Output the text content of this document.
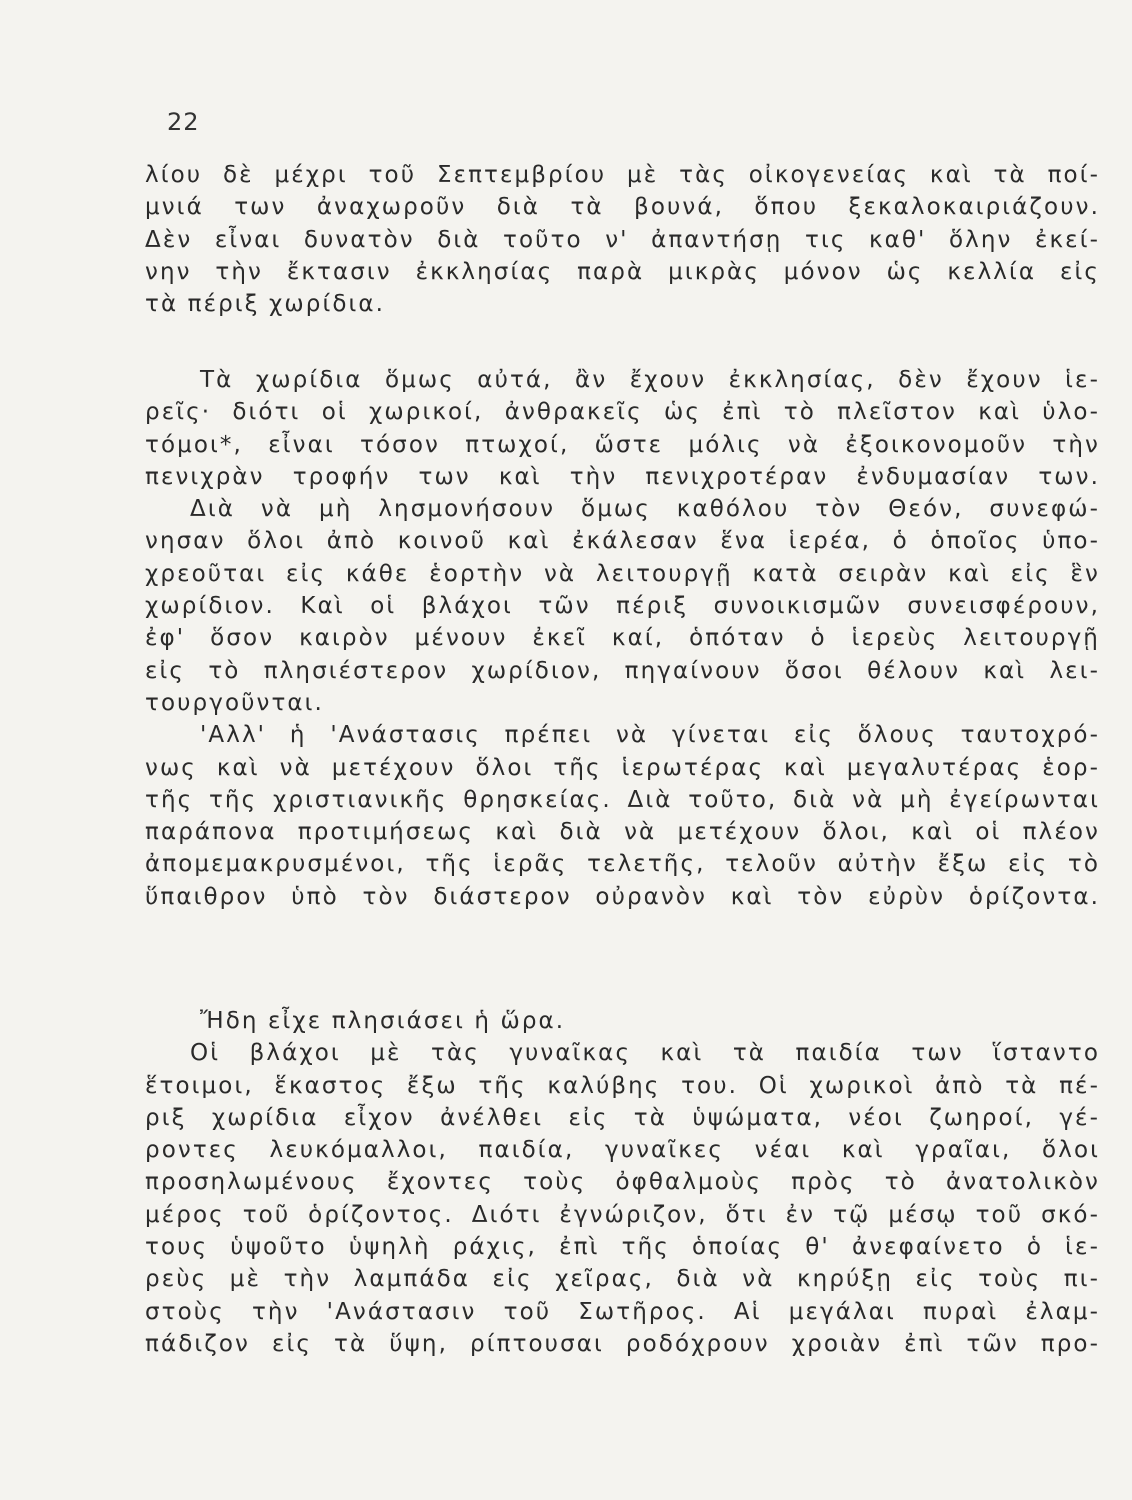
22
λίου δὲ μέχρι τοῦ Σεπτεμβρίου μὲ τὰς οἰκογενείας καὶ τὰ ποί-
μνιά των ἀναχωροῦν διὰ τὰ βουνά, ὅπου ξεκαλοκαιριάζουν.
Δὲν εἶναι δυνατὸν διὰ τοῦτο ν' ἀπαντήσῃ τις καθ' ὅλην ἐκεί-
νην τὴν ἔκτασιν ἐκκλησίας παρὰ μικρὰς μόνον ὡς κελλία εἰς
τὰ πέριξ χωρίδια.
Τὰ χωρίδια ὅμως αὐτά, ἂν ἔχουν ἐκκλησίας, δὲν ἔχουν ἱε-
ρεῖς· διότι οἱ χωρικοί, ἀνθρακεῖς ὡς ἐπὶ τὸ πλεῖστον καὶ ὑλο-
τόμοι*, εἶναι τόσον πτωχοί, ὥστε μόλις νὰ ἐξοικονομοῦν τὴν
πενιχρὰν τροφήν των καὶ τὴν πενιχροτέραν ἐνδυμασίαν των.
Διὰ νὰ μὴ λησμονήσουν ὅμως καθόλου τὸν Θεόν, συνεφώ-
νησαν ὅλοι ἀπὸ κοινοῦ καὶ ἐκάλεσαν ἕνα ἱερέα, ὁ ὁποῖος ὑπο-
χρεοῦται εἰς κάθε ἑορτὴν νὰ λειτουργῇ κατὰ σειρὰν καὶ εἰς ἓν
χωρίδιον. Καὶ οἱ βλάχοι τῶν πέριξ συνοικισμῶν συνεισφέρουν,
ἐφ' ὅσον καιρὸν μένουν ἐκεῖ καί, ὁπόταν ὁ ἱερεὺς λειτουργῇ
εἰς τὸ πλησιέστερον χωρίδιον, πηγαίνουν ὅσοι θέλουν καὶ λει-
τουργοῦνται.
'Αλλ' ἡ 'Ανάστασις πρέπει νὰ γίνεται εἰς ὅλους ταυτοχρό-
νως καὶ νὰ μετέχουν ὅλοι τῆς ἱερωτέρας καὶ μεγαλυτέρας ἑορ-
τῆς τῆς χριστιανικῆς θρησκείας. Διὰ τοῦτο, διὰ νὰ μὴ ἐγείρωνται
παράπονα προτιμήσεως καὶ διὰ νὰ μετέχουν ὅλοι, καὶ οἱ πλέον
ἀπομεμακρυσμένοι, τῆς ἱερᾶς τελετῆς, τελοῦν αὐτὴν ἔξω εἰς τὸ
ὕπαιθρον ὑπὸ τὸν διάστερον οὐρανὸν καὶ τὸν εὐρὺν ὁρίζοντα.
Ἤδη εἶχε πλησιάσει ἡ ὥρα.
Οἱ βλάχοι μὲ τὰς γυναῖκας καὶ τὰ παιδία των ἵσταντο
ἕτοιμοι, ἕκαστος ἔξω τῆς καλύβης του. Οἱ χωρικοὶ ἀπὸ τὰ πέ-
ριξ χωρίδια εἶχον ἀνέλθει εἰς τὰ ὑψώματα, νέοι ζωηροί, γέ-
ροντες λευκόμαλλοι, παιδία, γυναῖκες νέαι καὶ γραῖαι, ὅλοι
προσηλωμένους ἔχοντες τοὺς ὀφθαλμοὺς πρὸς τὸ ἀνατολικὸν
μέρος τοῦ ὁρίζοντος. Διότι ἐγνώριζον, ὅτι ἐν τῷ μέσῳ τοῦ σκό-
τους ὑψοῦτο ὑψηλὴ ράχις, ἐπὶ τῆς ὁποίας θ' ἀνεφαίνετο ὁ ἱε-
ρεὺς μὲ τὴν λαμπάδα εἰς χεῖρας, διὰ νὰ κηρύξῃ εἰς τοὺς πι-
στοὺς τὴν 'Ανάστασιν τοῦ Σωτῆρος. Αἱ μεγάλαι πυραὶ ἐλαμ-
πάδιζον εἰς τὰ ὕψη, ρίπτουσαι ροδόχρουν χροιὰν ἐπὶ τῶν προ-
